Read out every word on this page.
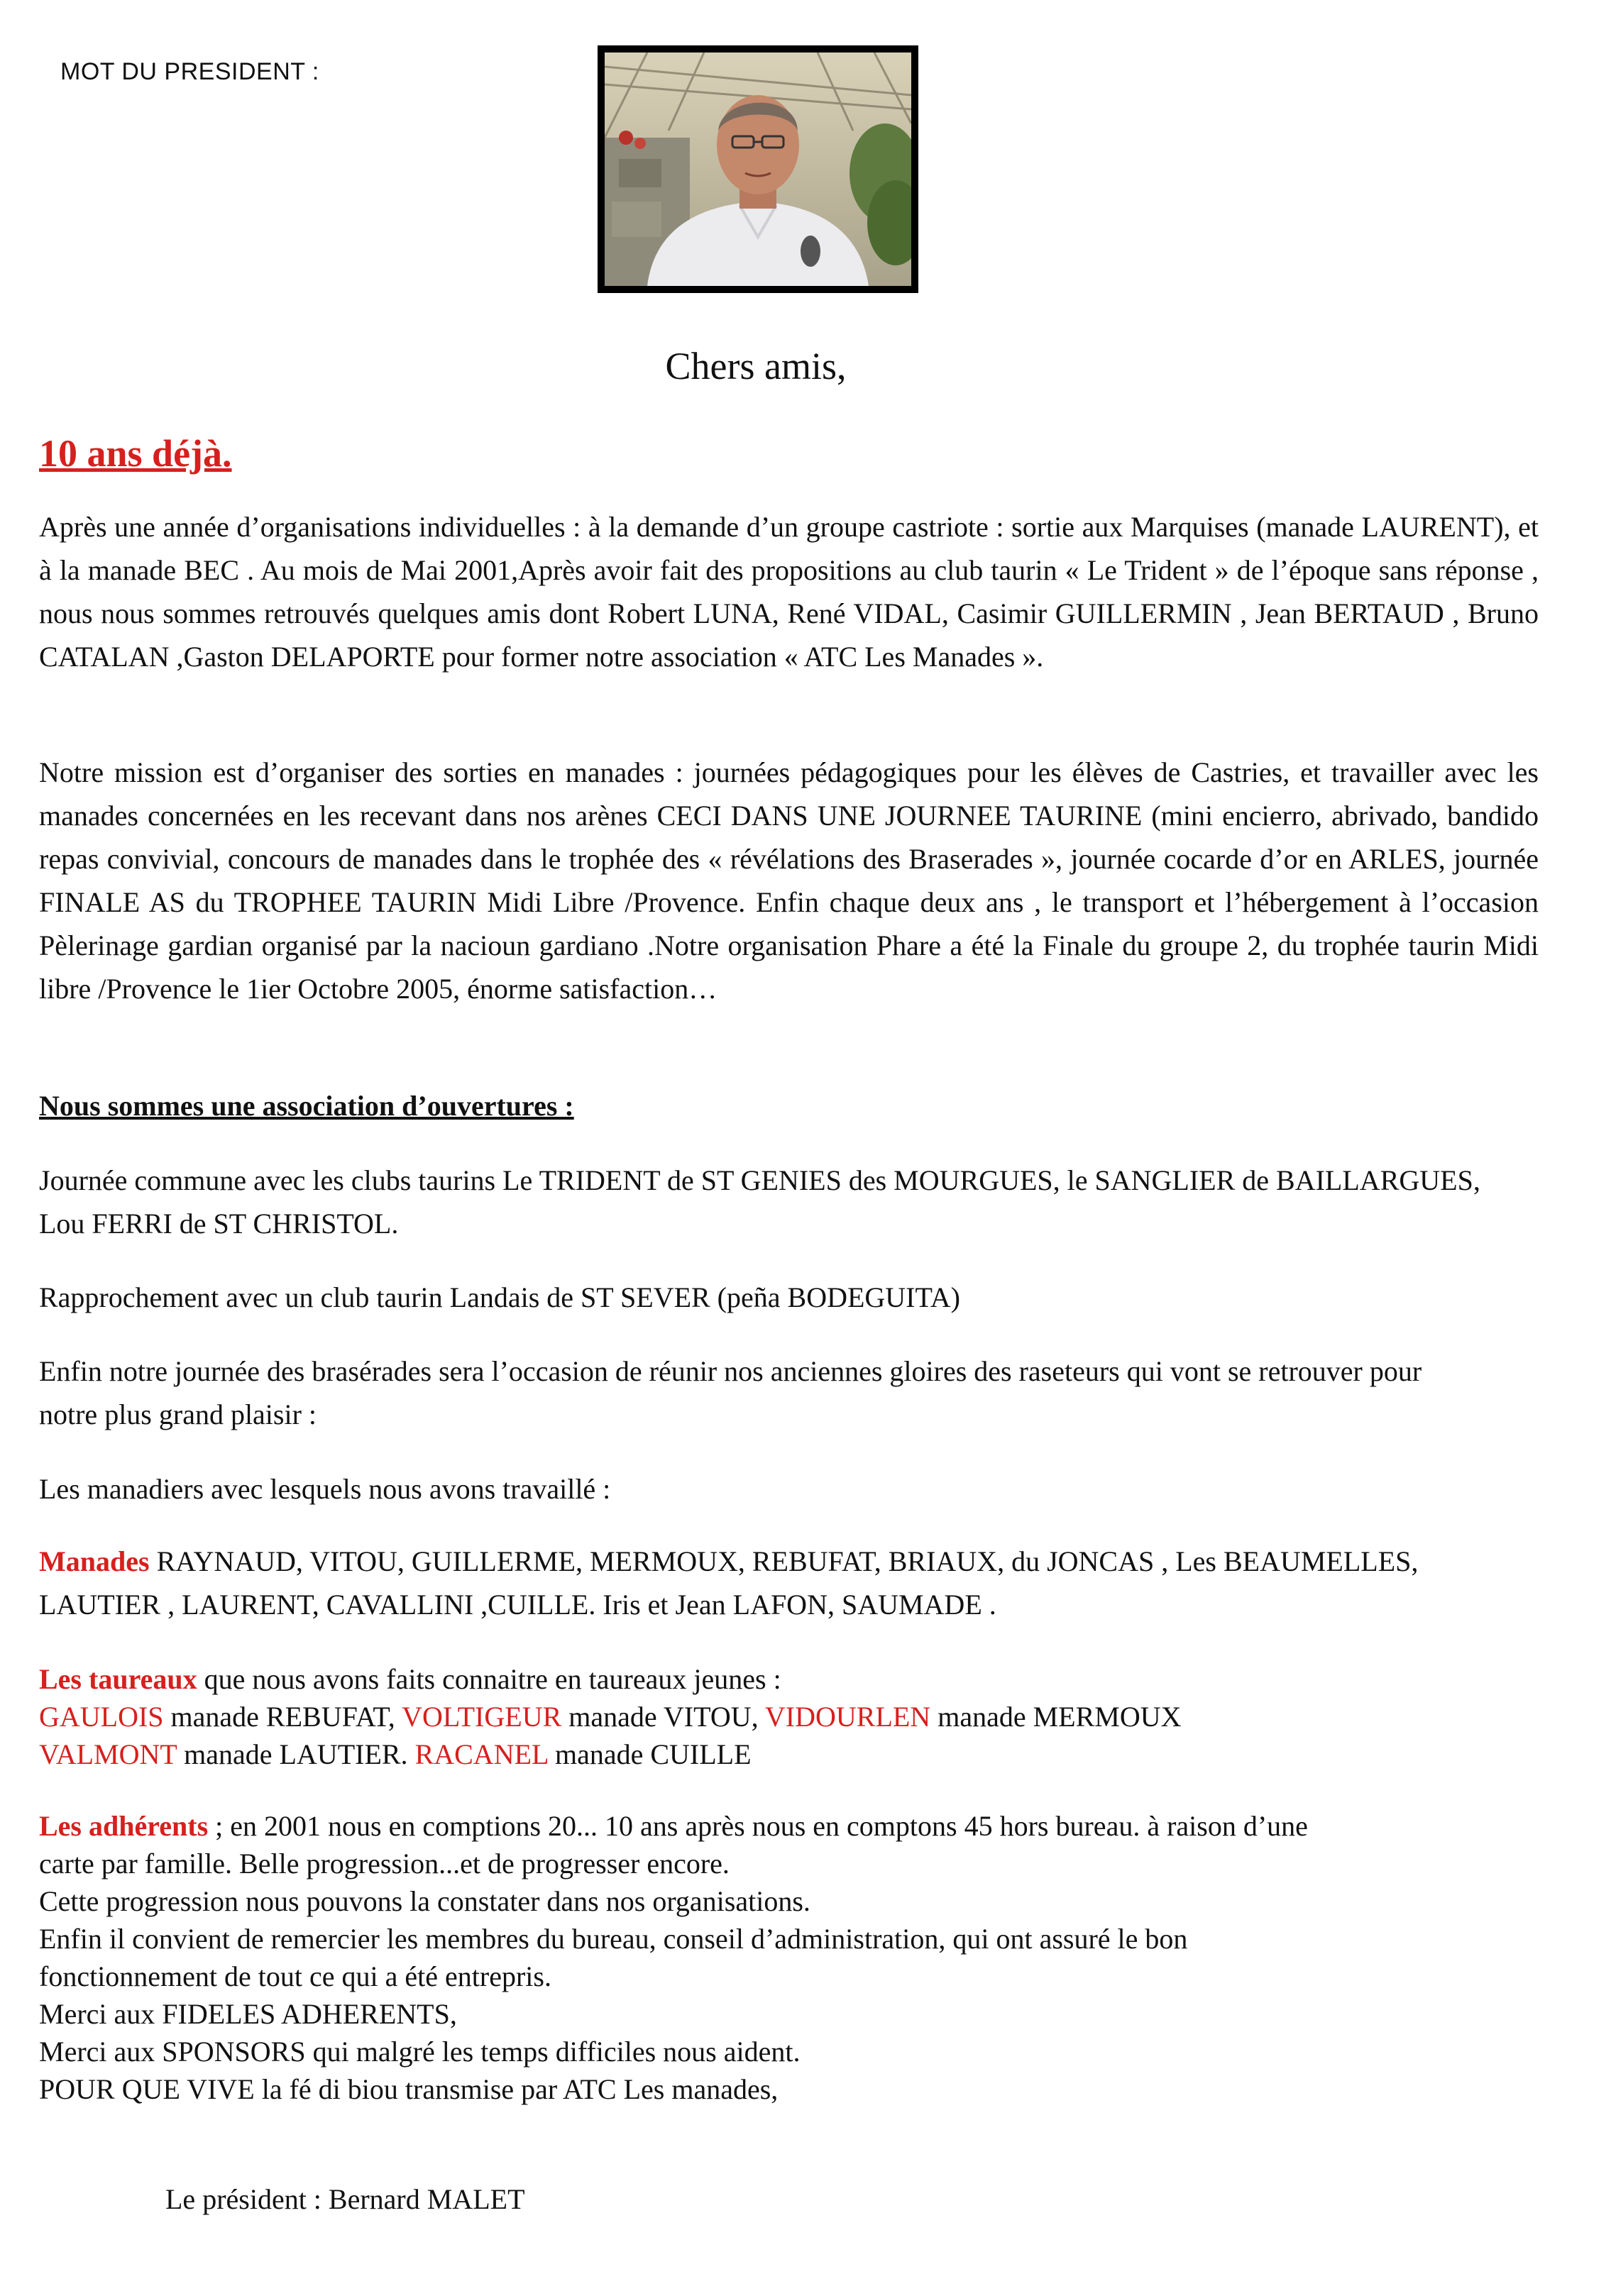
MOT DU PRESIDENT :
Chers amis,
10 ans déjà.
Après une année d’organisations individuelles : à la demande d’un groupe castriote : sortie aux Marquises (manade LAURENT), et à la manade BEC . Au mois de Mai 2001,Après avoir fait des propositions au club taurin « Le Trident » de l’époque sans réponse , nous nous sommes retrouvés quelques amis dont Robert LUNA, René VIDAL, Casimir GUILLERMIN , Jean BERTAUD , Bruno CATALAN ,Gaston DELAPORTE pour former notre association « ATC Les Manades ».
Notre mission est d’organiser des sorties en manades : journées pédagogiques pour les élèves de Castries, et travailler avec les manades concernées en les recevant dans nos arènes CECI DANS UNE JOURNEE TAURINE (mini encierro, abrivado, bandido repas convivial, concours de manades dans le trophée des « révélations des Braserades », journée cocarde d’or en ARLES, journée FINALE AS du TROPHEE TAURIN Midi Libre /Provence. Enfin chaque deux ans , le transport et l’hébergement à l’occasion Pèlerinage gardian organisé par la nacioun gardiano .Notre organisation Phare a été la Finale du groupe 2, du trophée taurin Midi libre /Provence le 1ier Octobre 2005, énorme satisfaction…
Nous sommes une association d’ouvertures :
Journée commune avec les clubs taurins Le TRIDENT de ST GENIES des MOURGUES, le SANGLIER de BAILLARGUES, Lou FERRI de ST CHRISTOL.
Rapprochement avec un club taurin Landais de ST SEVER (peña BODEGUITA)
Enfin notre journée des brasérades sera l’occasion de réunir nos anciennes gloires des raseteurs qui vont se retrouver pour notre plus grand plaisir :
Les manadiers avec lesquels nous avons travaillé :
Manades RAYNAUD, VITOU, GUILLERME, MERMOUX, REBUFAT, BRIAUX, du JONCAS , Les BEAUMELLES, LAUTIER , LAURENT, CAVALLINI ,CUILLE. Iris et Jean LAFON, SAUMADE .
Les taureaux que nous avons faits connaitre en taureaux jeunes :
GAULOIS manade REBUFAT, VOLTIGEUR manade VITOU, VIDOURLEN manade MERMOUX
VALMONT manade LAUTIER. RACANEL manade CUILLE
Les adhérents ; en 2001 nous en comptions 20... 10 ans après nous en comptons 45 hors bureau. à raison d’une
carte par famille. Belle progression...et de progresser encore.
Cette progression nous pouvons la constater dans nos organisations.
Enfin il convient de remercier les membres du bureau, conseil d’administration, qui ont assuré le bon
fonctionnement de tout ce qui a été entrepris.
Merci aux FIDELES ADHERENTS,
Merci aux SPONSORS qui malgré les temps difficiles nous aident.
POUR QUE VIVE la fé di biou transmise par ATC Les manades,
Le président : Bernard MALET
